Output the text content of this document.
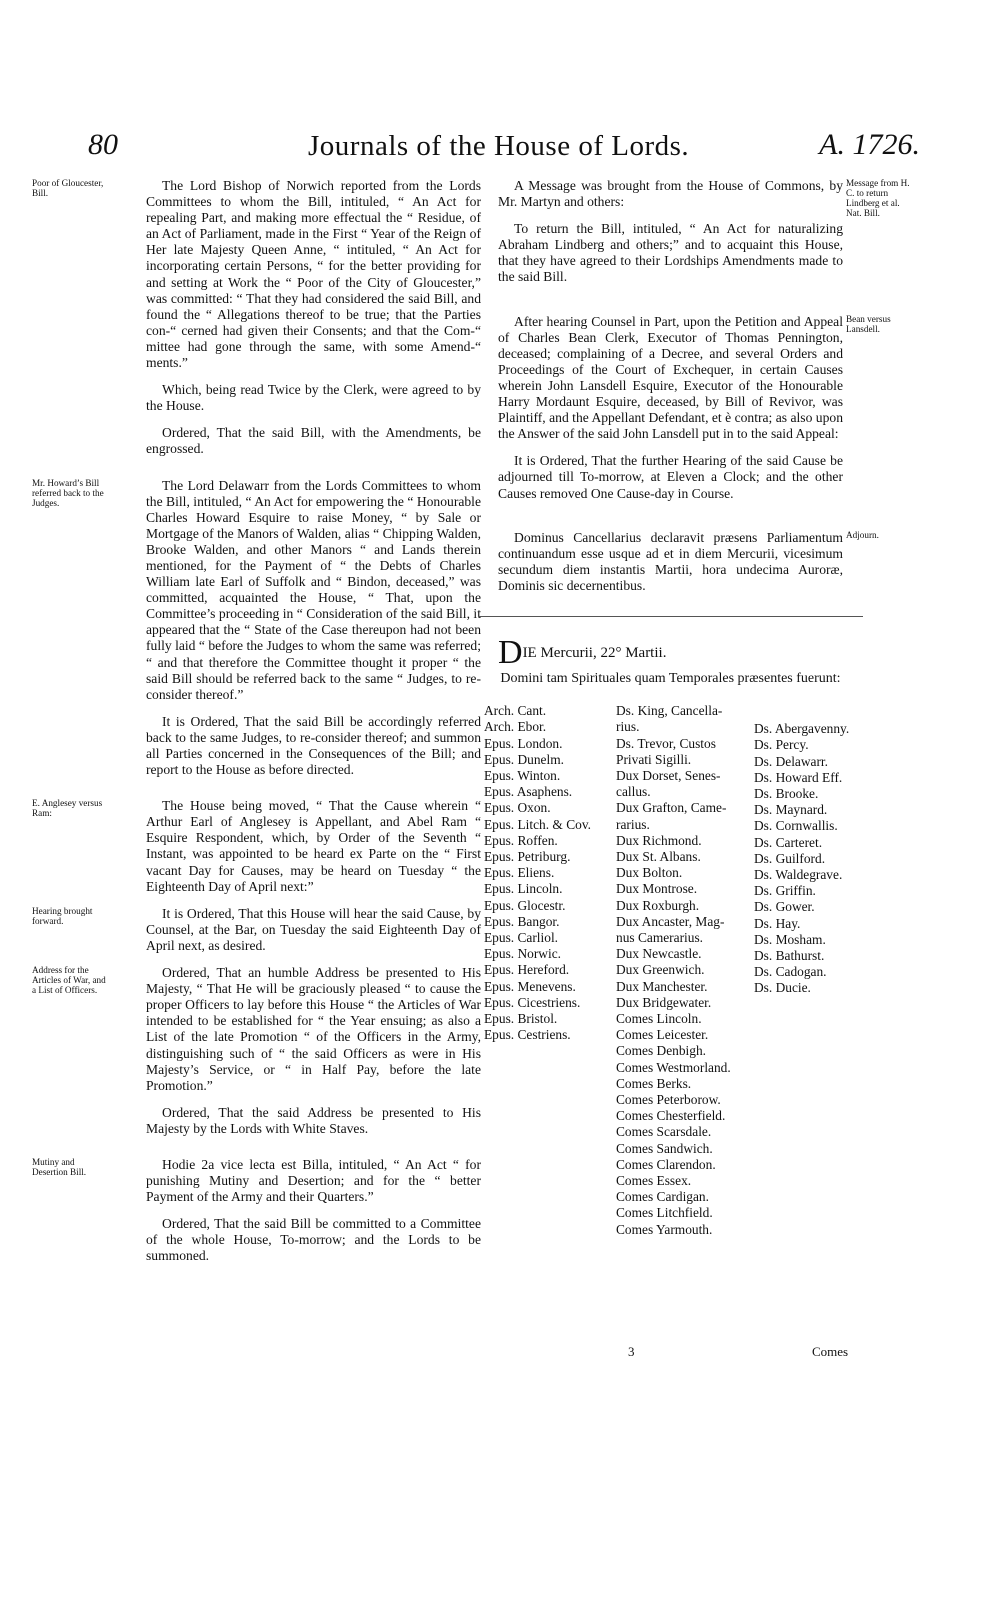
80	Journals of the House of Lords.	A. 1726.
Poor of Gloucester, Bill.	The Lord Bishop of Norwich reported from the Lords Committees to whom the Bill, intituled, “ An Act for repealing Part, and making more effectual the “ Residue, of an Act of Parliament, made in the First “ Year of the Reign of Her late Majesty Queen Anne, “ intituled, “ An Act for incorporating certain Persons, “ for the better providing for and setting at Work the “ Poor of the City of Gloucester,” was committed: “ That they had considered the said Bill, and found the “ Allegations thereof to be true; that the Parties con-“ cerned had given their Consents; and that the Com-“ mittee had gone through the same, with some Amend-“ ments.”

Which, being read Twice by the Clerk, were agreed to by the House.

Ordered, That the said Bill, with the Amendments, be engrossed.

Mr. Howard’s Bill referred back to the Judges.

The Lord Delawarr from the Lords Committees to whom the Bill, intituled, “ An Act for empowering the “ Honourable Charles Howard Esquire to raise Money, “ by Sale or Mortgage of the Manors of Walden, alias “ Chipping Walden, Brooke Walden, and other Manors “ and Lands therein mentioned, for the Payment of “ the Debts of Charles William late Earl of Suffolk and “ Bindon, deceased,” was committed, acquainted the House, “ That, upon the Committee’s proceeding in “ Consideration of the said Bill, it appeared that the “ State of the Case thereupon had not been fully laid “ before the Judges to whom the same was referred; “ and that therefore the Committee thought it proper “ the said Bill should be referred back to the same “ Judges, to re-consider thereof.”

It is Ordered, That the said Bill be accordingly referred back to the same Judges, to re-consider thereof; and summon all Parties concerned in the Consequences of the Bill; and report to the House as before directed.

E. Anglesey versus Ram:	The House being moved, “ That the Cause wherein “ Arthur Earl of Anglesey is Appellant, and Abel Ram “ Esquire Respondent, which, by Order of the Seventh “ Instant, was appointed to be heard ex Parte on the “ First vacant Day for Causes, may be heard on Tuesday “ the Eighteenth Day of April next:”

Hearing brought forward.	It is Ordered, That this House will hear the said Cause, by Counsel, at the Bar, on Tuesday the said Eighteenth Day of April next, as desired.

Address for the Articles of War, and a List of Officers.

Ordered, That an humble Address be presented to His Majesty, “ That He will be graciously pleased “ to cause the proper Officers to lay before this House “ the Articles of War intended to be established for “ the Year ensuing; as also a List of the late Promotion “ of the Officers in the Army, distinguishing such of “ the said Officers as were in His Majesty’s Service, or “ in Half Pay, before the late Promotion.”

Ordered, That the said Address be presented to His Majesty by the Lords with White Staves.

Mutiny and Desertion Bill.	Hodie 2a vice lecta est Billa, intituled, “ An Act “ for punishing Mutiny and Desertion; and for the “ better Payment of the Army and their Quarters.”

Ordered, That the said Bill be committed to a Committee of the whole House, To-morrow; and the Lords to be summoned.

Message from H. C. to return Lindberg et al. Nat. Bill.

A Message was brought from the House of Commons, by Mr. Martyn and others:

To return the Bill, intituled, “ An Act for naturalizing Abraham Lindberg and others;” and to acquaint this House, that they have agreed to their Lordships Amendments made to the said Bill.

Bean versus Lansdell.

After hearing Counsel in Part, upon the Petition and Appeal of Charles Bean Clerk, Executor of Thomas Pennington, deceased; complaining of a Decree, and several Orders and Proceedings of the Court of Exchequer, in certain Causes wherein John Lansdell Esquire, Executor of the Honourable Harry Mordaunt Esquire, deceased, by Bill of Revivor, was Plaintiff, and the Appellant Defendant, et è contra; as also upon the Answer of the said John Lansdell put in to the said Appeal:

It is Ordered, That the further Hearing of the said Cause be adjourned till To-morrow, at Eleven a Clock; and the other Causes removed One Cause-day in Course.

Adjourn.

Dominus Cancellarius declaravit præsens Parliamentum continuandum esse usque ad et in diem Mercurii, vicesimum secundum diem instantis Martii, hora undecima Auroræ, Dominis sic decernentibus.

DIE Mercurii, 22° Martii.
Domini tam Spirituales quam Temporales præsentes fuerunt:
Arch. Cant.
Arch. Ebor.
Epus. London.
Epus. Dunelm.
Epus. Winton.
Epus. Asaphens.
Epus. Oxon.
Epus. Litch. & Cov.
Epus. Roffen.
Epus. Petriburg.
Epus. Eliens.
Epus. Lincoln.
Epus. Glocestr.
Epus. Bangor.
Epus. Carliol.
Epus. Norwic.
Epus. Hereford.
Epus. Menevens.
Epus. Cicestriens.
Epus. Bristol.
Epus. Cestriens.
Ds. King, Cancella-
rius.
Ds. Trevor, Custos
Privati Sigilli.
Dux Dorset, Senes-
callus.
Dux Grafton, Came-
rarius.
Dux Richmond.
Dux St. Albans.
Dux Bolton.
Dux Montrose.
Dux Roxburgh.
Dux Ancaster, Mag-
nus Camerarius.
Dux Newcastle.
Dux Greenwich.
Dux Manchester.
Dux Bridgewater.
Comes Lincoln.
Comes Leicester.
Comes Denbigh.
Comes Westmorland.
Comes Berks.
Comes Peterborow.
Comes Chesterfield.
Comes Scarsdale.
Comes Sandwich.
Comes Clarendon.
Comes Essex.
Comes Cardigan.
Comes Litchfield.
Comes Yarmouth.
Ds. Abergavenny.
Ds. Percy.
Ds. Delawarr.
Ds. Howard Eff.
Ds. Brooke.
Ds. Maynard.
Ds. Cornwallis.
Ds. Carteret.
Ds. Guilford.
Ds. Waldegrave.
Ds. Griffin.
Ds. Gower.
Ds. Hay.
Ds. Mosham.
Ds. Bathurst.
Ds. Cadogan.
Ds. Ducie.
3	Comes
